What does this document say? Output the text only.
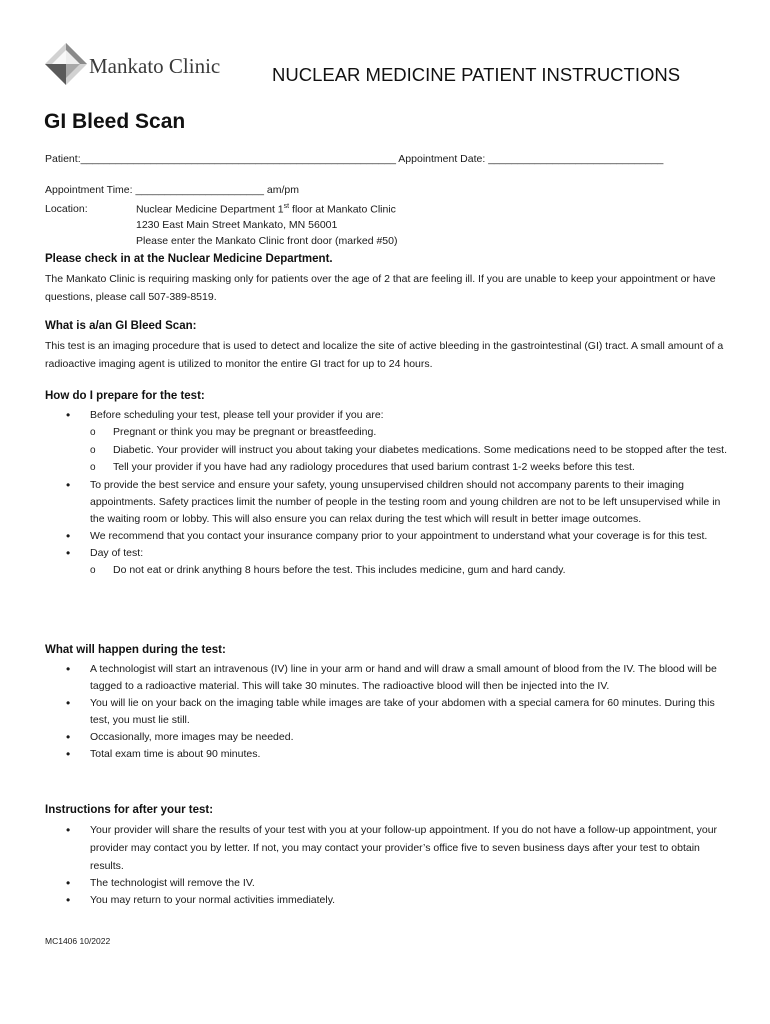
Mankato Clinic	NUCLEAR MEDICINE PATIENT INSTRUCTIONS
GI Bleed Scan
Patient:______________________________________________________ Appointment Date: ______________________________
Appointment Time: ______________________ am/pm
Location:	Nuclear Medicine Department 1st floor at Mankato Clinic
1230 East Main Street Mankato, MN 56001
Please enter the Mankato Clinic front door (marked #50)
Please check in at the Nuclear Medicine Department.

The Mankato Clinic is requiring masking only for patients over the age of 2 that are feeling ill. If you are unable to keep your appointment or have questions, please call 507-389-8519.

What is a/an GI Bleed Scan:

This test is an imaging procedure that is used to detect and localize the site of active bleeding in the gastrointestinal (GI) tract. A small amount of a radioactive imaging agent is utilized to monitor the entire GI tract for up to 24 hours.

How do I prepare for the test:
• Before scheduling your test, please tell your provider if you are:
o Pregnant or think you may be pregnant or breastfeeding.
o Diabetic. Your provider will instruct you about taking your diabetes medications. Some medications need to be stopped after the test.
o Tell your provider if you have had any radiology procedures that used barium contrast 1-2 weeks before this test.
• To provide the best service and ensure your safety, young unsupervised children should not accompany parents to their imaging appointments. Safety practices limit the number of people in the testing room and young children are not to be left unsupervised while in the waiting room or lobby. This will also ensure you can relax during the test which will result in better image outcomes.
• We recommend that you contact your insurance company prior to your appointment to understand what your coverage is for this test.
• Day of test:
o Do not eat or drink anything 8 hours before the test. This includes medicine, gum and hard candy.
What will happen during the test:
• A technologist will start an intravenous (IV) line in your arm or hand and will draw a small amount of blood from the IV. The blood will be tagged to a radioactive material. This will take 30 minutes. The radioactive blood will then be injected into the IV.
• You will lie on your back on the imaging table while images are take of your abdomen with a special camera for 60 minutes. During this test, you must lie still.
• Occasionally, more images may be needed.
• Total exam time is about 90 minutes.
Instructions for after your test:
• Your provider will share the results of your test with you at your follow-up appointment. If you do not have a follow-up appointment, your provider may contact you by letter. If not, you may contact your provider’s office five to seven business days after your test to obtain results.
• The technologist will remove the IV.
• You may return to your normal activities immediately.
MC1406 10/2022
